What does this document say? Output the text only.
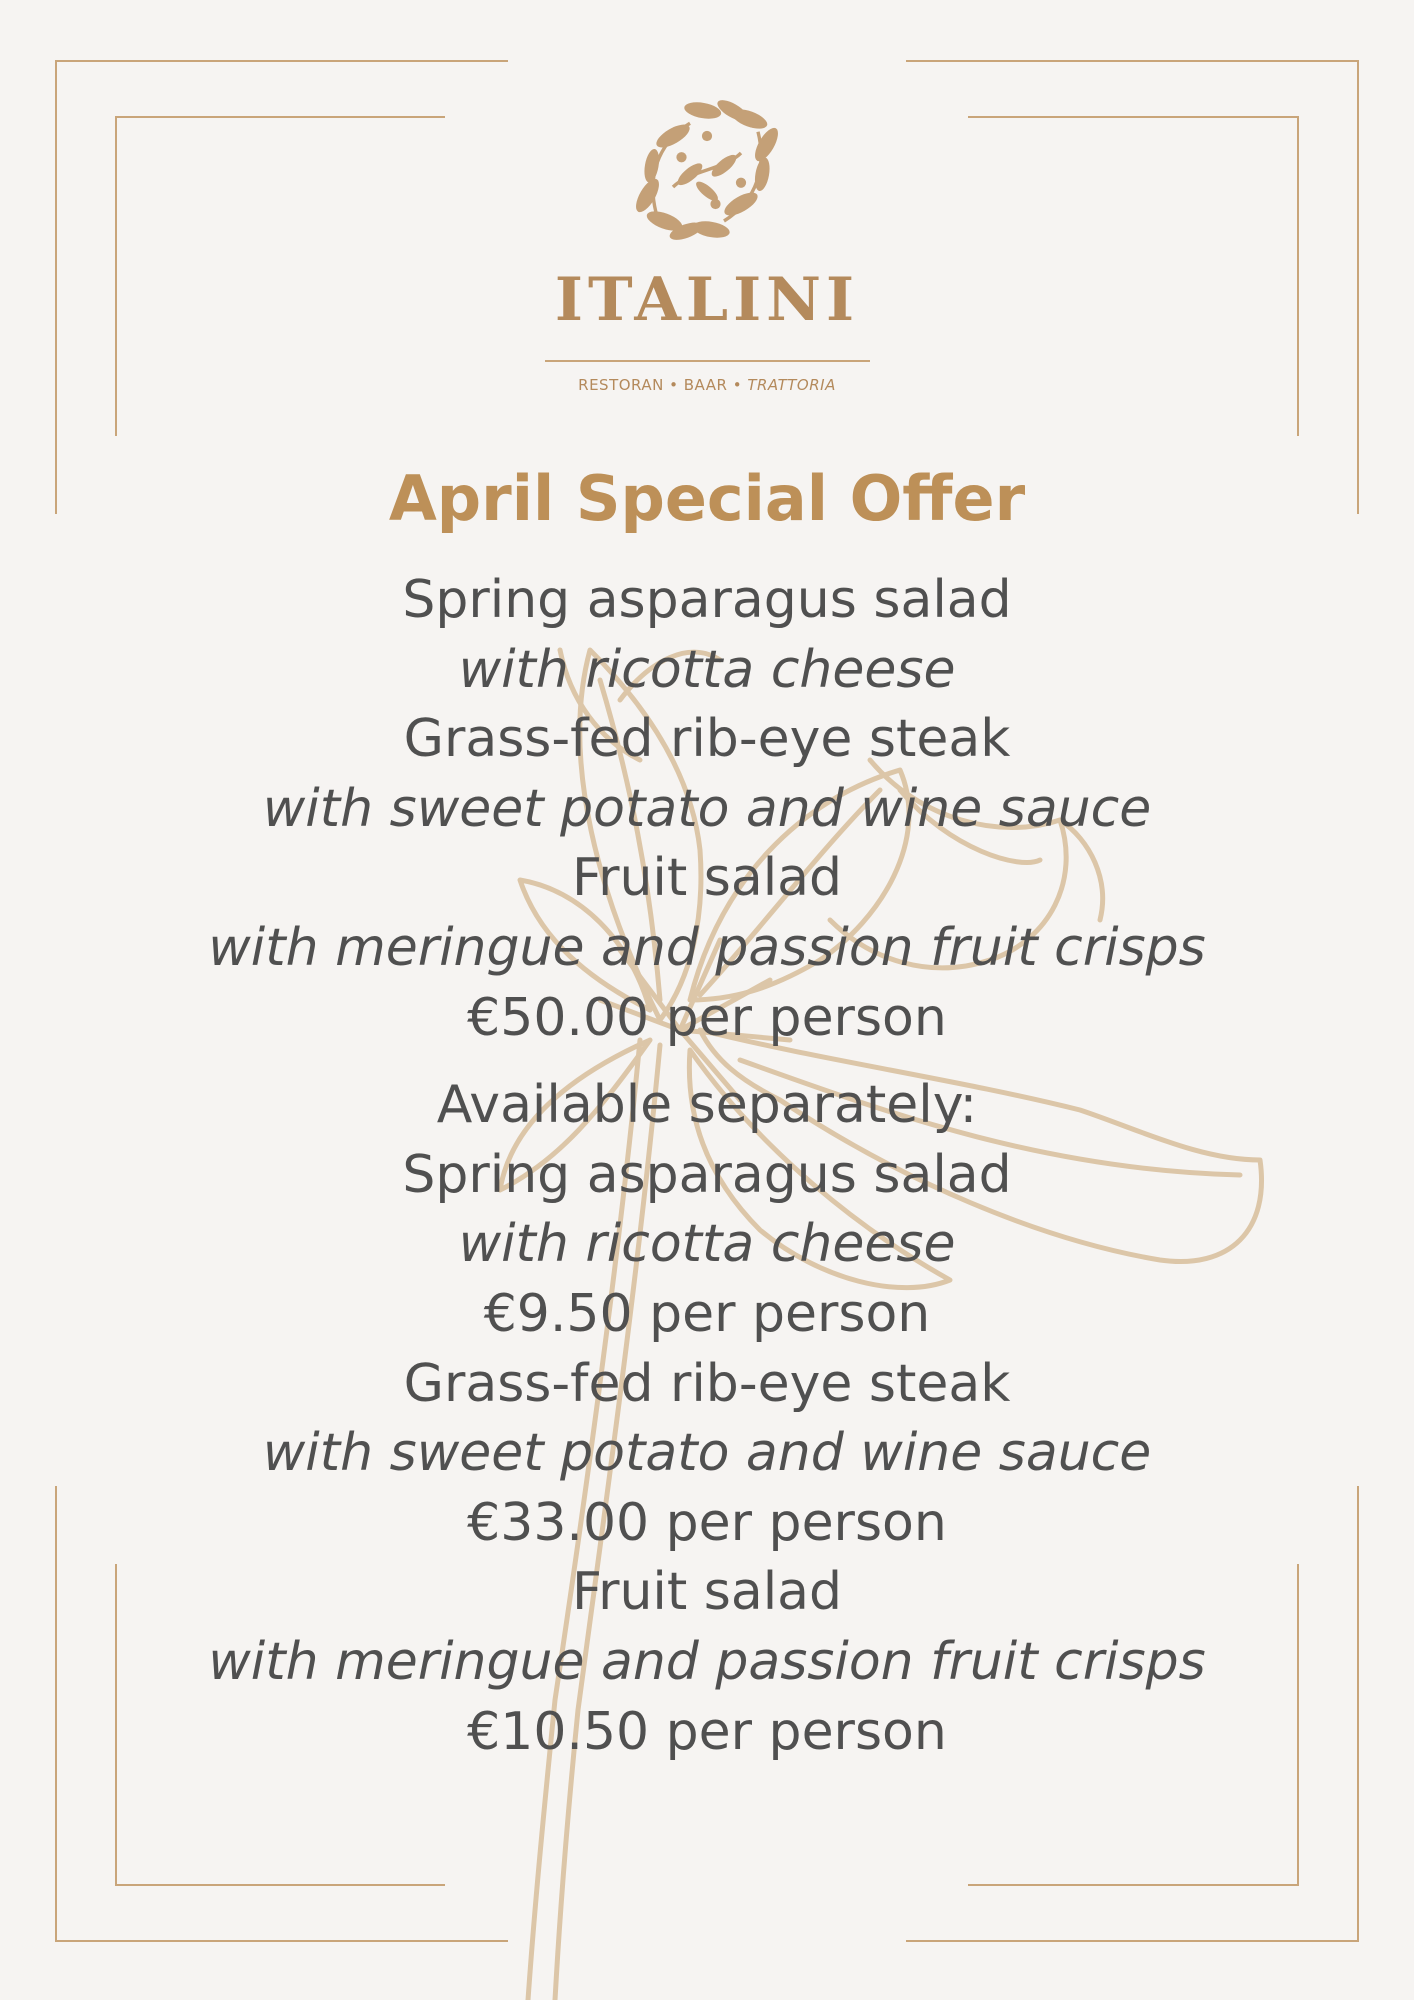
ITALINI
RESTORAN • BAAR • TRATTORIA
April Special Offer
Spring asparagus salad
with ricotta cheese
Grass-fed rib-eye steak
with sweet potato and wine sauce
Fruit salad
with meringue and passion fruit crisps
€50.00 per person
Available separately:
Spring asparagus salad
with ricotta cheese
€9.50 per person
Grass-fed rib-eye steak
with sweet potato and wine sauce
€33.00 per person
Fruit salad
with meringue and passion fruit crisps
€10.50 per person
